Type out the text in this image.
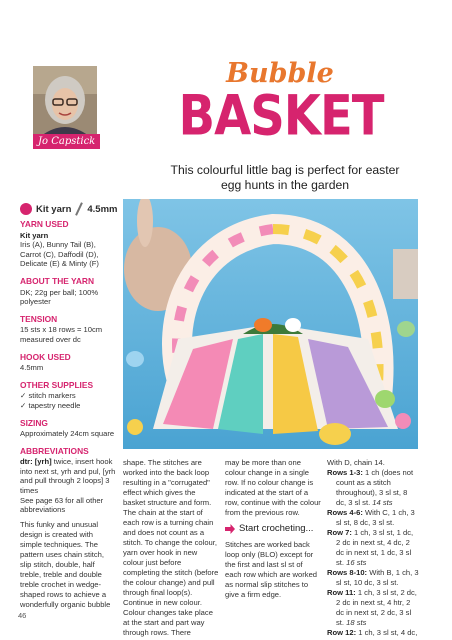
Jo Capstick
Bubble
BASKET
This colourful little bag is perfect for easter egg hunts in the garden
Kit yarn 4.5mm
YARN USED
Kit yarn
Iris (A), Bunny Tail (B), Carrot (C), Daffodil (D), Delicate (E) & Minty (F)
ABOUT THE YARN
DK; 22g per ball; 100% polyester
TENSION
15 sts x 18 rows = 10cm measured over dc
HOOK USED
4.5mm
OTHER SUPPLIES
✓ stitch markers
✓ tapestry needle
SIZING
Approximately 24cm square
ABBREVIATIONS
dtr: [yrh] twice, insert hook into next st, yrh and pul, [yrh and pull through 2 loops] 3 times
See page 63 for all other abbreviations
This funky and unusual design is created with simple techniques. The pattern uses chain stitch, slip stitch, double, half treble, treble and double treble crochet in wedge-shaped rows to achieve a wonderfully organic bubble
shape. The stitches are worked into the back loop resulting in a "corrugated" effect which gives the basket structure and form. The chain at the start of each row is a turning chain and does not count as a stitch. To change the colour, yarn over hook in new colour just before completing the stitch (before the colour change) and pull through final loop(s). Continue in new colour. Colour changes take place at the start and part way through rows. There
may be more than one colour change in a single row. If no colour change is indicated at the start of a row, continue with the colour from the previous row.
Start crocheting...
Stitches are worked back loop only (BLO) except for the first and last sl st of each row which are worked as normal slip stitches to give a firm edge.
With D, chain 14.
Rows 1-3: 1 ch (does not count as a stitch throughout), 3 sl st, 8 dc, 3 sl st. 14 sts
Rows 4-6: With C, 1 ch, 3 sl st, 8 dc, 3 sl st.
Row 7: 1 ch, 3 sl st, 1 dc, 2 dc in next st, 4 dc, 2 dc in next st, 1 dc, 3 sl st. 16 sts
Rows 8-10: With B, 1 ch, 3 sl st, 10 dc, 3 sl st.
Row 11: 1 ch, 3 sl st, 2 dc, 2 dc in next st, 4 htr, 2 dc in next st, 2 dc, 3 sl st. 18 sts
Row 12: 1 ch, 3 sl st, 4 dc,
46
